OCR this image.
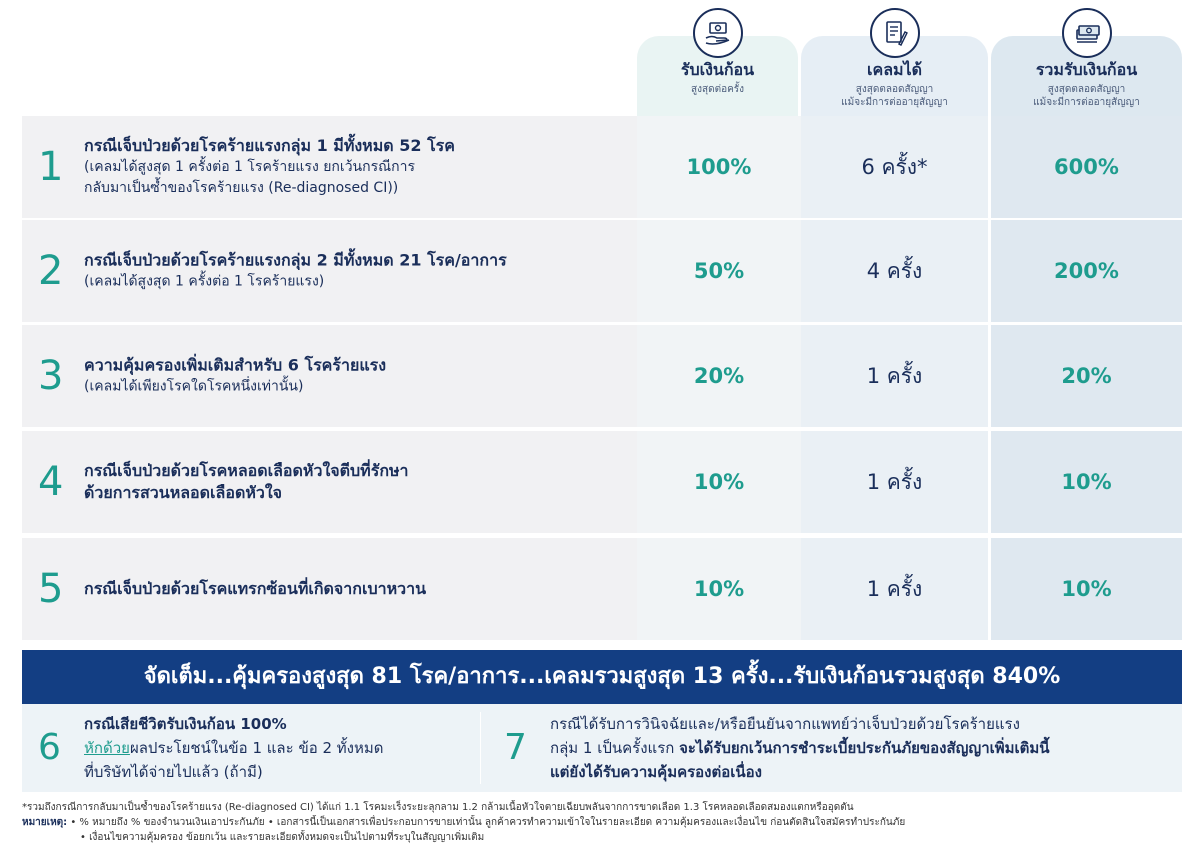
รับเงินก้อน
สูงสุดต่อครั้ง
เคลมได้
สูงสุดตลอดสัญญา
แม้จะมีการต่ออายุสัญญา
รวมรับเงินก้อน
สูงสุดตลอดสัญญา
แม้จะมีการต่ออายุสัญญา
1 กรณีเจ็บป่วยด้วยโรคร้ายแรงกลุ่ม 1 มีทั้งหมด 52 โรค
(เคลมได้สูงสุด 1 ครั้งต่อ 1 โรคร้ายแรง ยกเว้นกรณีการ
กลับมาเป็นซ้ำของโรคร้ายแรง (Re-diagnosed CI))
100%	6 ครั้ง*	600%
2 กรณีเจ็บป่วยด้วยโรคร้ายแรงกลุ่ม 2 มีทั้งหมด 21 โรค/อาการ
(เคลมได้สูงสุด 1 ครั้งต่อ 1 โรคร้ายแรง)	50%	4 ครั้ง	200%
3 ความคุ้มครองเพิ่มเติมสำหรับ 6 โรคร้ายแรง
(เคลมได้เพียงโรคใดโรคหนึ่งเท่านั้น)	20%	1 ครั้ง	20%
4 กรณีเจ็บป่วยด้วยโรคหลอดเลือดหัวใจตีบที่รักษา
ด้วยการสวนหลอดเลือดหัวใจ	10%	1 ครั้ง	10%
5 กรณีเจ็บป่วยด้วยโรคแทรกซ้อนที่เกิดจากเบาหวาน	10%	1 ครั้ง	10%
จัดเต็ม...คุ้มครองสูงสุด 81 โรค/อาการ...เคลมรวมสูงสุด 13 ครั้ง...รับเงินก้อนรวมสูงสุด 840%
6
กรณีเสียชีวิตรับเงินก้อน 100%
หักด้วยผลประโยชน์ในข้อ 1 และ ข้อ 2 ทั้งหมด
ที่บริษัทได้จ่ายไปแล้ว (ถ้ามี)
7
กรณีได้รับการวินิจฉัยและ/หรือยืนยันจากแพทย์ว่าเจ็บป่วยด้วยโรคร้ายแรง
กลุ่ม 1 เป็นครั้งแรก จะได้รับยกเว้นการชำระเบี้ยประกันภัยของสัญญาเพิ่มเติมนี้
แต่ยังได้รับความคุ้มครองต่อเนื่อง
*รวมถึงกรณีการกลับมาเป็นซ้ำของโรคร้ายแรง (Re-diagnosed CI) ได้แก่ 1.1 โรคมะเร็งระยะลุกลาม 1.2 กล้ามเนื้อหัวใจตายเฉียบพลันจากการขาดเลือด 1.3 โรคหลอดเลือดสมองแตกหรืออุดตัน
หมายเหตุ: • % หมายถึง % ของจำนวนเงินเอาประกันภัย • เอกสารนี้เป็นเอกสารเพื่อประกอบการขายเท่านั้น ลูกค้าควรทำความเข้าใจในรายละเอียด ความคุ้มครองและเงื่อนไข ก่อนตัดสินใจสมัครทำประกันภัย
• เงื่อนไขความคุ้มครอง ข้อยกเว้น และรายละเอียดทั้งหมดจะเป็นไปตามที่ระบุในสัญญาเพิ่มเติม
